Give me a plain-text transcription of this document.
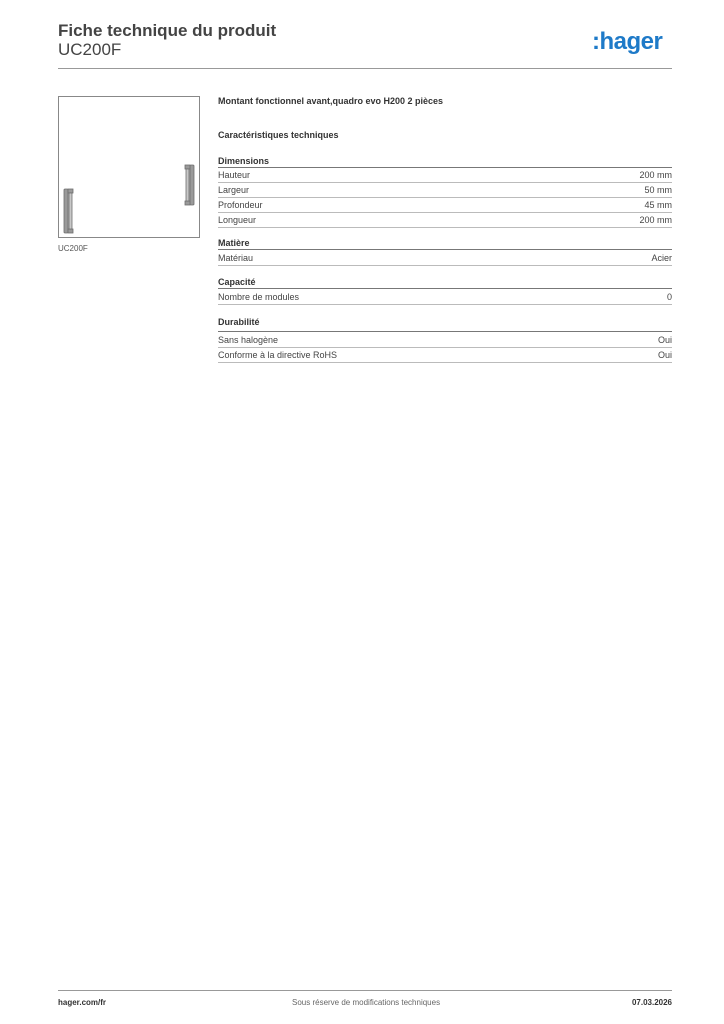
Fiche technique du produit
UC200F	:hager
UC200F
Montant fonctionnel avant,quadro evo H200 2 pièces
Caractéristiques techniques
Dimensions
Hauteur	200 mm
Largeur	50 mm
Profondeur	45 mm
Longueur	200 mm
Matière
Matériau	Acier
Capacité
Nombre de modules	0
Durabilité
Sans halogène	Oui
Conforme à la directive RoHS	Oui
hager.com/fr	Sous réserve de modifications techniques	07.03.2026
